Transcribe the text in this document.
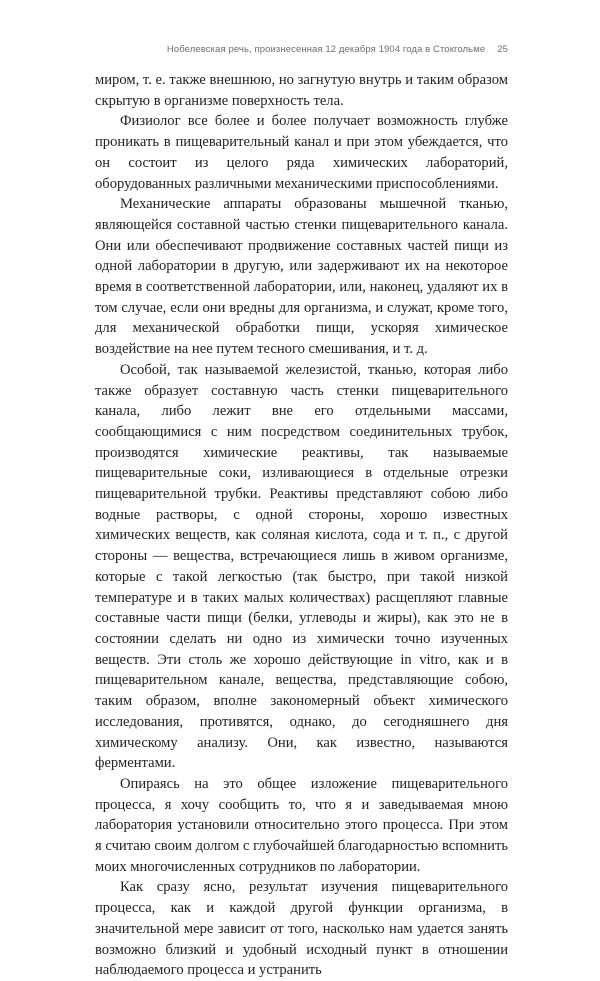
Нобелевская речь, произнесенная 12 декабря 1904 года в Стокгольме 25

миром, т. е. также внешнюю, но загнутую внутрь и таким образом скрытую в организме поверхность тела.

Физиолог все более и более получает возможность глубже проникать в пищеварительный канал и при этом убеждается, что он состоит из целого ряда химических лабораторий, оборудованных различными механическими приспособлениями.

Механические аппараты образованы мышечной тканью, являющейся составной частью стенки пищеварительного канала. Они или обеспечивают продвижение составных частей пищи из одной лаборатории в другую, или задерживают их на некоторое время в соответственной лаборатории, или, наконец, удаляют их в том случае, если они вредны для организма, и служат, кроме того, для механической обработки пищи, ускоряя химическое воздействие на нее путем тесного смешивания, и т. д.

Особой, так называемой железистой, тканью, которая либо также образует составную часть стенки пищеварительного канала, либо лежит вне его отдельными массами, сообщающимися с ним посредством соединительных трубок, производятся химические реактивы, так называемые пищеварительные соки, изливающиеся в отдельные отрезки пищеварительной трубки. Реактивы представляют собою либо водные растворы, с одной стороны, хорошо известных химических веществ, как соляная кислота, сода и т. п., с другой стороны — вещества, встречающиеся лишь в живом организме, которые с такой легкостью (так быстро, при такой низкой температуре и в таких малых количествах) расщепляют главные составные части пищи (белки, углеводы и жиры), как это не в состоянии сделать ни одно из химически точно изученных веществ. Эти столь же хорошо действующие in vitro, как и в пищеварительном канале, вещества, представляющие собою, таким образом, вполне закономерный объект химического исследования, противятся, однако, до сегодняшнего дня химическому анализу. Они, как известно, называются ферментами.

Опираясь на это общее изложение пищеварительного процесса, я хочу сообщить то, что я и заведываемая мною лаборатория установили относительно этого процесса. При этом я считаю своим долгом с глубочайшей благодарностью вспомнить моих многочисленных сотрудников по лаборатории.

Как сразу ясно, результат изучения пищеварительного процесса, как и каждой другой функции организма, в значительной мере зависит от того, насколько нам удается занять возможно близкий и удобный исходный пункт в отношении наблюдаемого процесса и устранить
